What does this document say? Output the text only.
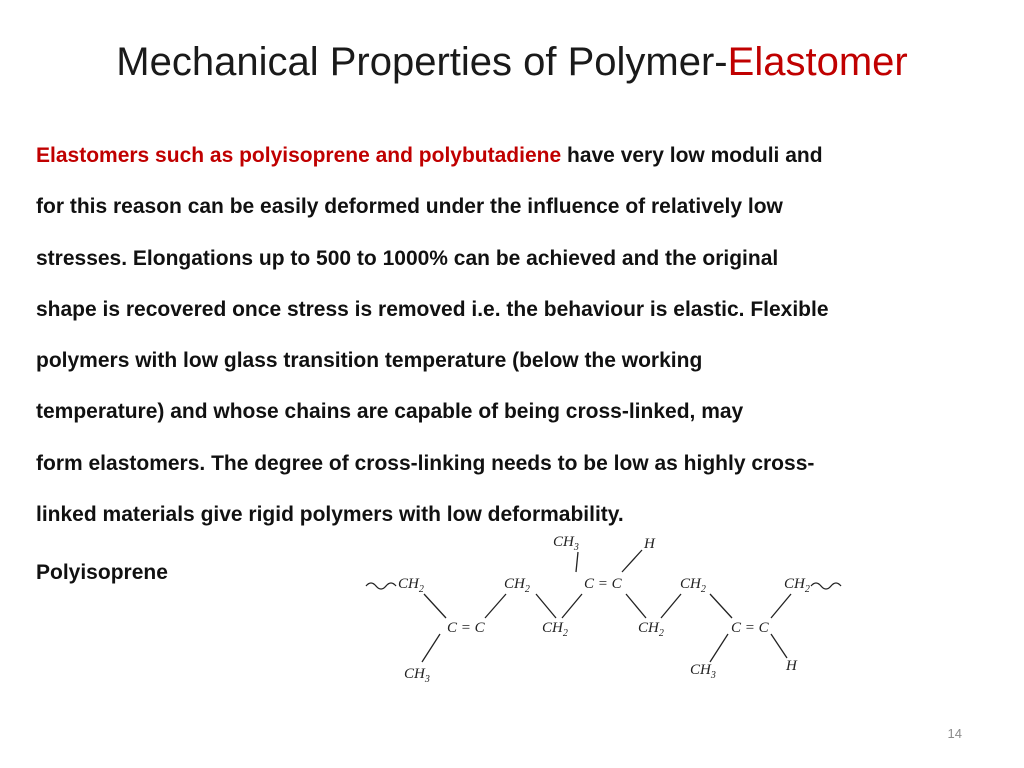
Mechanical Properties of Polymer-Elastomer
Elastomers such as polyisoprene and polybutadiene have very low moduli and
for this reason can be easily deformed under the influence of relatively low
stresses. Elongations up to 500 to 1000% can be achieved and the original
shape is recovered once stress is removed i.e. the behaviour is elastic. Flexible
polymers with low glass transition temperature (below the working
temperature) and whose chains are capable of being cross-linked, may
form elastomers. The degree of cross-linking needs to be low as highly cross-
linked materials give rigid polymers with low deformability.
Polyisoprene
$CH_3$	H
$CH_2$	$CH_2$	C = C	$CH_2$	$CH_2$
C = C	$CH_2$	$CH_2$	C = C
$CH_3$
$CH_3$
H
14
